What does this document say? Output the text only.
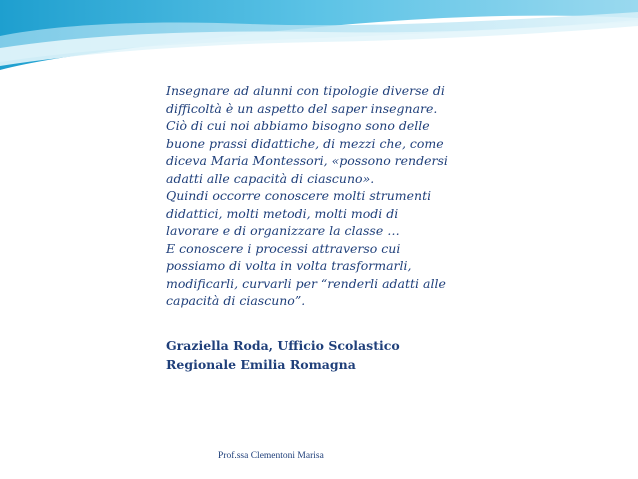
Insegnare ad alunni con tipologie diverse di
difficoltà è un aspetto del saper insegnare.
Ciò di cui noi abbiamo bisogno sono delle
buone prassi didattiche, di mezzi che, come
diceva Maria Montessori, «possono rendersi
adatti alle capacità di ciascuno».
Quindi occorre conoscere molti strumenti
didattici, molti metodi, molti modi di
lavorare e di organizzare la classe …
E conoscere i processi attraverso cui
possiamo di volta in volta trasformarli,
modificarli, curvarli per “renderli adatti alle
capacità di ciascuno”.
Graziella Roda, Ufficio Scolastico
Regionale Emilia Romagna
Prof.ssa Clementoni Marisa
